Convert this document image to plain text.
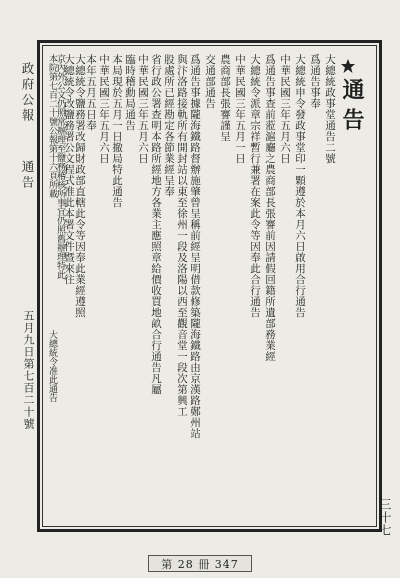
政府公報
通告
五月九日第七百二十號
通告
大總統政事堂通告二號
爲通告事奉
大總統申令發政事堂印一顆遵於本月六日啟用合行通告
中華民國三年五月六日
爲通告事查前蒞滬廳之農商部長張謇前因請假回籍所遺部務業經
大總統令派章宗祥暫行兼署在案此令等因奉此合行通告
中華民國三年五月一日
農商部長張謇謹呈
交通部通告
爲通告事據隴海鐵路督辦施肇曾呈稱前經呈明借款修築隴海鐵路由京漢路鄭州站
與汴洛路接軌所有開封站以東至徐州一段及洛陽以西至觀音堂一段次第興工
股處所已經勘定各節業經呈奉
省行政公署查明本路所經地方各業主應照章給價收買地畝合行通告凡屬
中華民國三年五月六日
臨時稽勳局通告
本局現於五月一日撤局特此通告
中華民國三年五月六日
本年五月五日奉
大總統令鹽務署改歸財政部直轄此令等因奉此業經遵照
大總統令改鹽務署公文程式准此本署文件暨來往
京內外公文仍照常辦理至鹽務稽核所事宜仍照舊辦理特此
本院第七百二十號公報第十六頁所載
大總統令准此通告
第 28 冊 347
三十七
